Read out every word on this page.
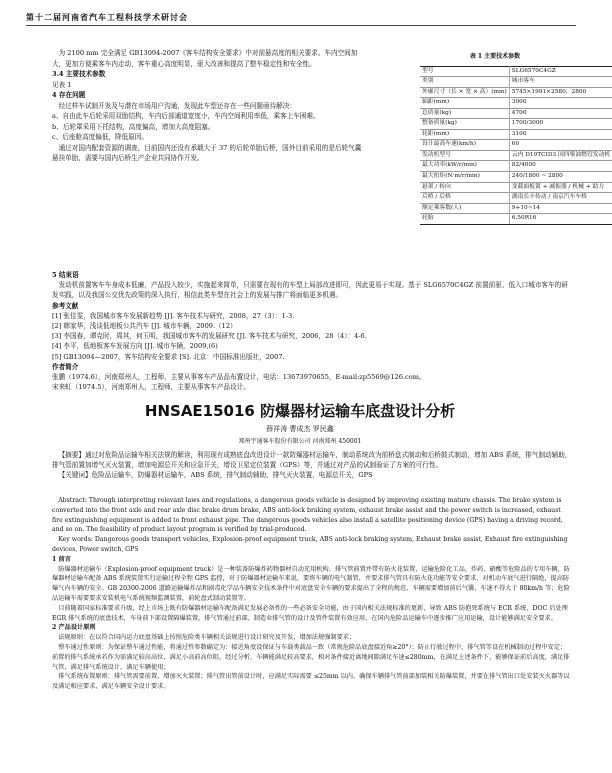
第十二届河南省汽车工程科技学术研讨会

为 2100 mm 完全满足 GB13094-2007《客车结构安全要求》中对前悬高度的相关要求。车内空间加大，更加方便乘客车内走动，客车重心高度明显，驱大改善和提高了整车稳定性和安全性。

3.4 主要技术参数

见表 1

4 存在问题

经过样车试制开发及与潜在市场用户沟通，发现此车型还存在一些问题亟待解决：

a、自由此车后轮采用双胎结构，车内后部通道宽度小，车内空间利用率低，乘客上车困难。

b、后轮罩采用下托结构，高度偏高，增加大高度阻塞。

c、后座舱高度偏低，降低原因。

通过对国内配套资源的调查，目前国内还没有承载大于 37 的后轮单胎后桥，国外目前采用的是后轮气囊悬挂单胎，需要与国内后桥生产企业共同协作开发。

表 1 主要技术参数
型号	SLG6570C4GZ
类别	城市客车
外廓尺寸（长 × 宽 × 高）(mm)	5745×1991×2580，2800
轴距(mm)	3000
总质量(kg)	4700
整备质量(kg)	1700/3000
轮距(mm)	3100
设计最高车速(km/h)	60
发动机型号	云内 D19TCID3 国四柴油燃管发动机
最大功率(kW/r/min)	82/4000
最大扭矩(N·m/r/min)	240/1800 ~ 2800
悬架 / 转向	变截面板簧 + 减振器 / 机械 + 助力
后桥 / 后桥	湖南长丰传动 / 南京汽车车桥
额定乘客数(人)	9+10~14
轮胎	6.50R16

5 结束语

发动机前置客车车身成本低廉，产品投入较少，实施起来简单，只需要在现有的车型上局部改进即可，因此更易于实现。基于 SLG6570C4GZ 前置前驱、低入口城市客车的研发实践，以及我国公交优先政策的深入执行，相信此类车型在社会上的发展与推广将面临更多机遇。

参考文献

[1] 张佳雯，我国城市客车发展新趋势 [J]. 客车技术与研究，2008，27（3）：1-3.

[2] 韩家华，浅谈低地板公共汽车 [J]. 城市车辆，2009.（12）

[3] 李国春，谭克时，周其，何玉明，我国城市客车的发展研究 [J]. 客车技术与研究，2006，28（4）：4-6.

[4] 李平，低地板客车发展方向 [J]. 城市车辆，2009,(6)

[5] GB13094—2007，客车结构安全要求 [S]. 北京：中国标准出版社，2007.

作者简介

张鹏（1974.6），河南郑州人，工程师，主要从事客车产品品布置设计，电话：13673970655，E-mail:zp5569@126.com。

宋来虹（1974.5），河南郑州人，工程师，主要从事客车产品设计。

HNSAE15016 防爆器材运输车底盘设计分析
薛祥涛 曹成杰 罗民鑫
郑州宇通客车股份有限公司 河南郑州 450001

【摘要】通过对危险品运输车相关法规的解读，利用现有成熟底盘改进设计一款防爆器材运输车，制动系统改为前桥盘式制动和后桥鼓式制动，增加 ABS 系统，排气制动辅助，排气管前置加增气灭火装置，增加电源总开关和应急开关，增设卫星定位装置（GPS）等，并通过对产品的试制验证了方案的可行性。

【关键词】危险品运输车，防爆器材运输车，ABS 系统，排气制动辅助，排气灭火装置，电源总开关，GPS

Abstract: Through interpreting relevant laws and regulations, a dangerous goods vehicle is designed by improving existing mature chassis. The brake system is converted into the front axle and rear axle disc brake drum brake, ABS anti-lock braking system, exhaust brake assist and the power switch is increased, exhaust fire extinguishing equipment is added to front exhaust pipe. The dangerous goods vehicles also install a satellite positioning device (GPS) having a driving record, and so on. The feasibility of product layout program is verified by trial-produced.

Key words: Dangerous goods transport vehicles, Explosion-proof equipment truck, ABS anti-lock braking system, Exhaust brake assist, Exhaust fire extinguishing devices, Power switch, GPS

1 前言

防爆器材运输车（Explosion-proof equipment truck）是一种装备防爆炸药物器材自动充用机构、排气管前置并带有防火花装置，运输危险化工品、炸药、硝酸等危险品的专用车辆，防爆器材运输车配备 ABS 系统装置实行运输过程全程 GPS 监控，对于防爆器材运输车来说，要将车辆的电气制管，并要求排气管具有防火花功能等安全要求，对机动车底气进行隔绝，提高防爆气内车辆的安全。GB 20300-2006 道路运输爆炸品和剧毒化学品车辆安全技术条件中对底盘安全车辆的要求提出了全程的规范，车辆需要增加前后气囊、车速不得大于 80km/h 等；危险品运输车需要要求安装机电气系统视频监测装置，前轮盘式制动装置等。

目前随着国家标准要求升级，经上市场上既有防爆器材运输车配备满足发展必备性的一些必备安全功能，由于国内相关法规标准的更新，导致 ABS 防抱死系统与 ECR 系统、DOC 后处理 EGR 排气系统的底盘技术，车身前下部设置隔爆装置，排气管通过前部、制造业排气管的设计及管件装置有效应用，在国内危险品运输车中逐步推广应用运输，设计能够满足安全要求。

2 产品设计原则

法规原则：在以符合国内运力底盘基础上按照危险类车辆相关法规进行设计研究及开发，增加法规强制要求；

整车通过性原则：为保证整车通过性能，将通过性参数确定为：接近角度设保证与车载类载品一致（常规危险品底盘接近角≥20°）；防止行驶过程中，排气管等设在机械制动过程中安定；前置的排气系统承若作为需满足较高高位，满足小高前高位阻，经过分析，车辆能满足较高要求，相对条件接近离地间隙满足车速≤280mm，在满足上述条件下，能够保证前后高度，满足排气管，满足排气系统设计，满足车辆使用；

排气系统布置原则：排气管需要前置，增加灭火装置；排气管出管前设计时，应满足实际需要 ≤25mm 以内，确保车辆排气管前部加装相关防爆装置，并要在排气管出口处安装灭火器等以及满足相应要求，满足车辆安全设计要求。
